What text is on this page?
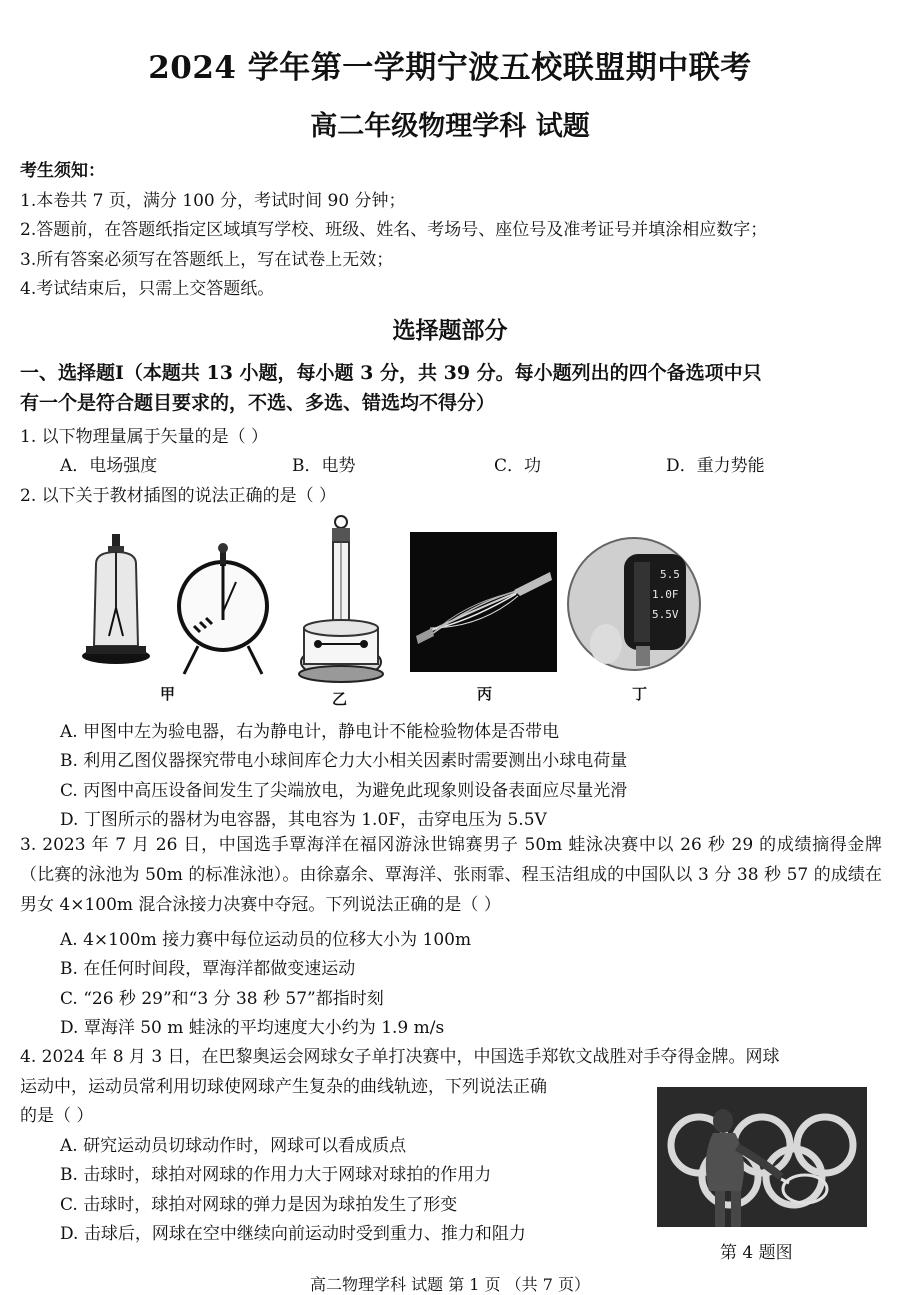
2024 学年第一学期宁波五校联盟期中联考
高二年级物理学科 试题
考生须知：
1.本卷共 7 页，满分 100 分，考试时间 90 分钟；
2.答题前，在答题纸指定区域填写学校、班级、姓名、考场号、座位号及准考证号并填涂相应数字；
3.所有答案必须写在答题纸上，写在试卷上无效；
4.考试结束后，只需上交答题纸。
选择题部分
一、选择题Ⅰ（本题共 13 小题，每小题 3 分，共 39 分。每小题列出的四个备选项中只
有一个是符合题目要求的，不选、多选、错选均不得分）
1. 以下物理量属于矢量的是（ ）
A．电场强度	B．电势	C．功	D．重力势能
2. 以下关于教材插图的说法正确的是（ ）
甲	乙	丙
5.5
1.0F
5.5V
丁
A. 甲图中左为验电器，右为静电计，静电计不能检验物体是否带电
B. 利用乙图仪器探究带电小球间库仑力大小相关因素时需要测出小球电荷量
C. 丙图中高压设备间发生了尖端放电，为避免此现象则设备表面应尽量光滑
D. 丁图所示的器材为电容器，其电容为 1.0F，击穿电压为 5.5V
3. 2023 年 7 月 26 日，中国选手覃海洋在福冈游泳世锦赛男子 50m 蛙泳决赛中以 26 秒 29 的成绩摘得金牌（比赛的泳池为 50m 的标准泳池）。由徐嘉余、覃海洋、张雨霏、程玉洁组成的中国队以 3 分 38 秒 57 的成绩在男女 4×100m 混合泳接力决赛中夺冠。下列说法正确的是（ ）
A. 4×100m 接力赛中每位运动员的位移大小为 100m
B. 在任何时间段，覃海洋都做变速运动
C. “26 秒 29”和“3 分 38 秒 57”都指时刻
D. 覃海洋 50 m 蛙泳的平均速度大小约为 1.9 m/s
4. 2024 年 8 月 3 日，在巴黎奥运会网球女子单打决赛中，中国选手郑钦文战胜对手夺得金牌。网球
运动中，运动员常利用切球使网球产生复杂的曲线轨迹，下列说法正确
的是（ ）
A. 研究运动员切球动作时，网球可以看成质点
B. 击球时，球拍对网球的作用力大于网球对球拍的作用力
C. 击球时，球拍对网球的弹力是因为球拍发生了形变
D. 击球后，网球在空中继续向前运动时受到重力、推力和阻力
第 4 题图
高二物理学科 试题 第 1 页 （共 7 页）
